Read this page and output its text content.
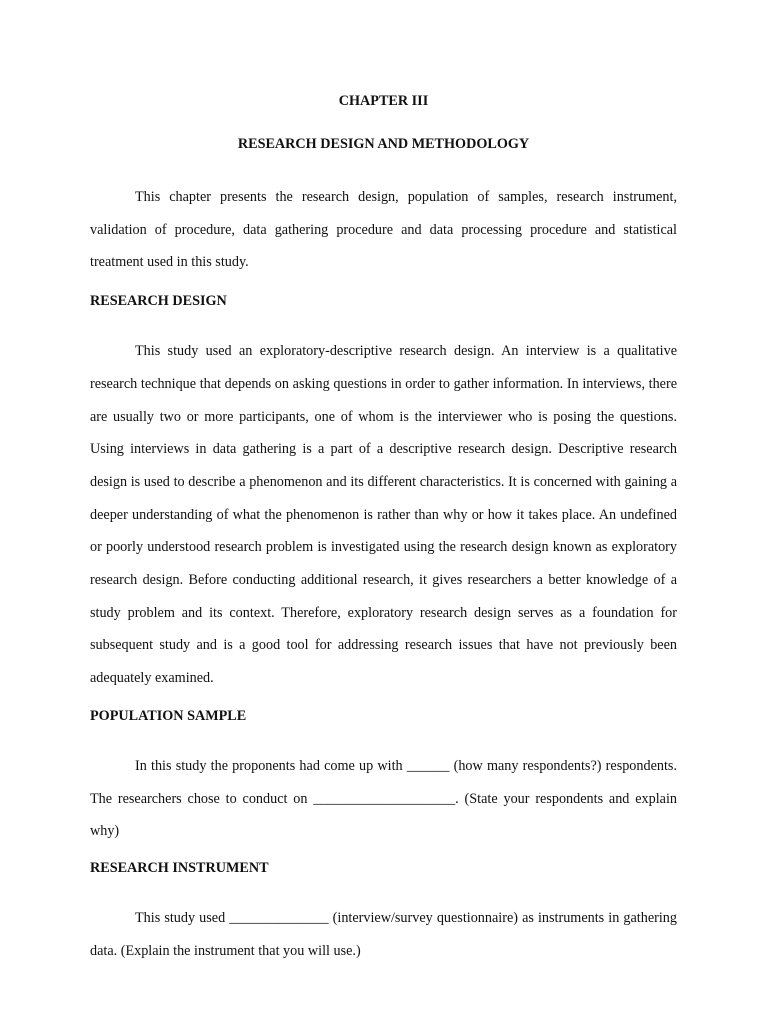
CHAPTER III

RESEARCH DESIGN AND METHODOLOGY

This chapter presents the research design, population of samples, research instrument, validation of procedure, data gathering procedure and data processing procedure and statistical treatment used in this study.

RESEARCH DESIGN

This study used an exploratory-descriptive research design. An interview is a qualitative research technique that depends on asking questions in order to gather information. In interviews, there are usually two or more participants, one of whom is the interviewer who is posing the questions. Using interviews in data gathering is a part of a descriptive research design. Descriptive research design is used to describe a phenomenon and its different characteristics. It is concerned with gaining a deeper understanding of what the phenomenon is rather than why or how it takes place. An undefined or poorly understood research problem is investigated using the research design known as exploratory research design. Before conducting additional research, it gives researchers a better knowledge of a study problem and its context. Therefore, exploratory research design serves as a foundation for subsequent study and is a good tool for addressing research issues that have not previously been adequately examined.

POPULATION SAMPLE

In this study the proponents had come up with ______ (how many respondents?) respondents. The researchers chose to conduct on ____________________. (State your respondents and explain why)

RESEARCH INSTRUMENT

This study used ______________ (interview/survey questionnaire) as instruments in gathering data. (Explain the instrument that you will use.)
